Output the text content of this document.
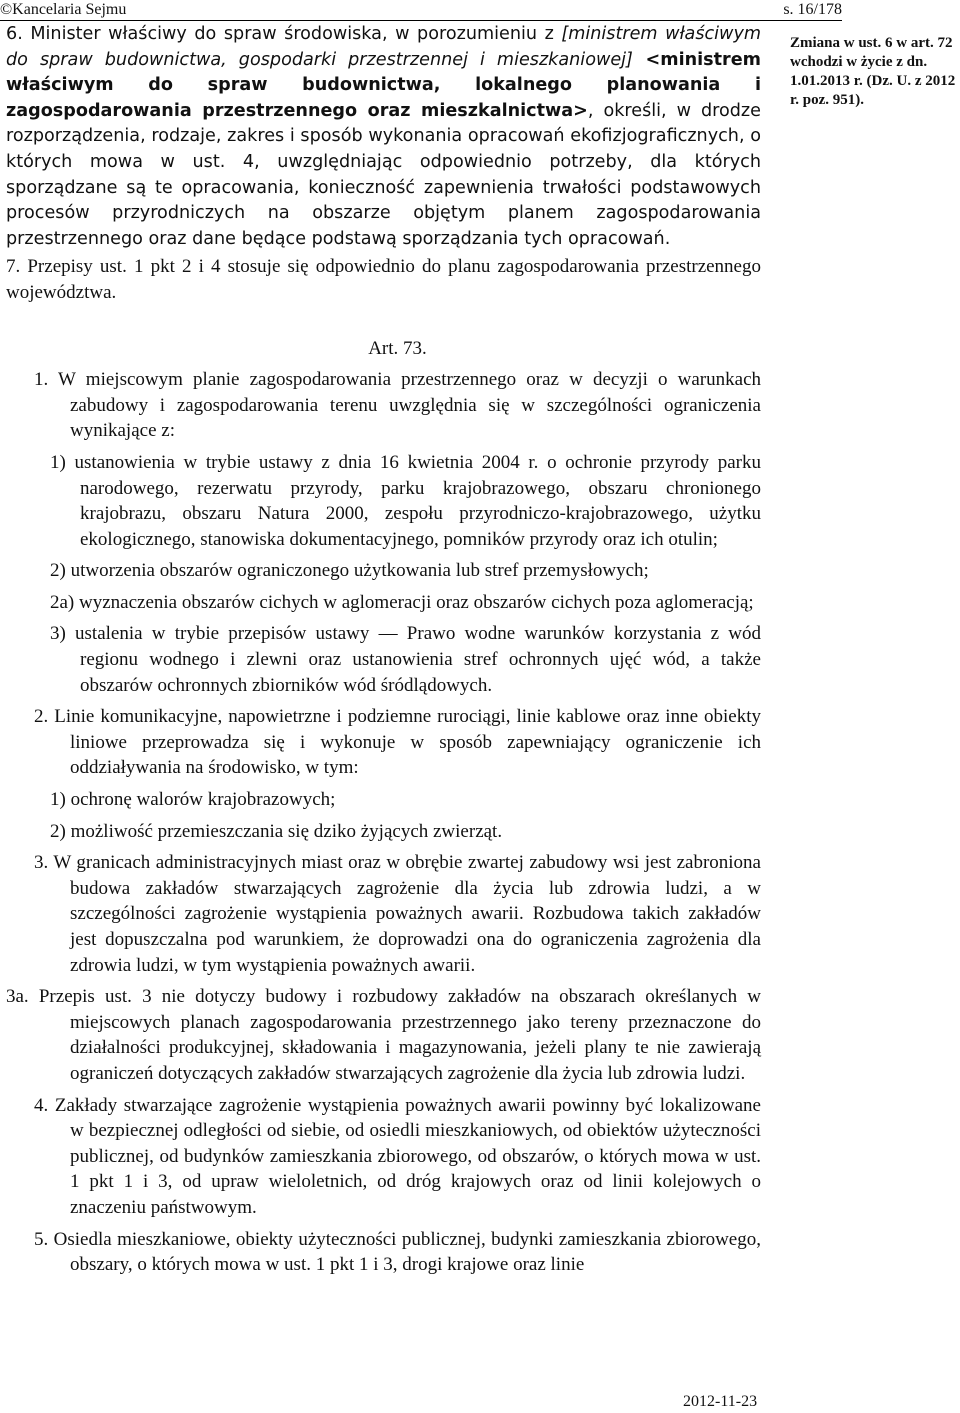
©Kancelaria Sejmu	s. 16/178
Zmiana w ust. 6 w art. 72 wchodzi w życie z dn. 1.01.2013 r. (Dz. U. z 2012 r. poz. 951).
6. Minister właściwy do spraw środowiska, w porozumieniu z [ministrem właściwym do spraw budownictwa, gospodarki przestrzennej i mieszkaniowej] <ministrem właściwym do spraw budownictwa, lokalnego planowania i zagospodarowania przestrzennego oraz mieszkalnictwa>, określi, w drodze rozporządzenia, rodzaje, zakres i sposób wykonania opracowań ekofizjograficznych, o których mowa w ust. 4, uwzględniając odpowiednio potrzeby, dla których sporządzane są te opracowania, konieczność zapewnienia trwałości podstawowych procesów przyrodniczych na obszarze objętym planem zagospodarowania przestrzennego oraz dane będące podstawą sporządzania tych opracowań.
7. Przepisy ust. 1 pkt 2 i 4 stosuje się odpowiednio do planu zagospodarowania przestrzennego województwa.
Art. 73.
1. W miejscowym planie zagospodarowania przestrzennego oraz w decyzji o warunkach zabudowy i zagospodarowania terenu uwzględnia się w szczególności ograniczenia wynikające z:
1) ustanowienia w trybie ustawy z dnia 16 kwietnia 2004 r. o ochronie przyrody parku narodowego, rezerwatu przyrody, parku krajobrazowego, obszaru chronionego krajobrazu, obszaru Natura 2000, zespołu przyrodniczo-krajobrazowego, użytku ekologicznego, stanowiska dokumentacyjnego, pomników przyrody oraz ich otulin;
2) utworzenia obszarów ograniczonego użytkowania lub stref przemysłowych;
2a) wyznaczenia obszarów cichych w aglomeracji oraz obszarów cichych poza aglomeracją;
3) ustalenia w trybie przepisów ustawy — Prawo wodne warunków korzystania z wód regionu wodnego i zlewni oraz ustanowienia stref ochronnych ujęć wód, a także obszarów ochronnych zbiorników wód śródlądowych.
2. Linie komunikacyjne, napowietrzne i podziemne rurociągi, linie kablowe oraz inne obiekty liniowe przeprowadza się i wykonuje w sposób zapewniający ograniczenie ich oddziaływania na środowisko, w tym:
1) ochronę walorów krajobrazowych;
2) możliwość przemieszczania się dziko żyjących zwierząt.
3. W granicach administracyjnych miast oraz w obrębie zwartej zabudowy wsi jest zabroniona budowa zakładów stwarzających zagrożenie dla życia lub zdrowia ludzi, a w szczególności zagrożenie wystąpienia poważnych awarii. Rozbudowa takich zakładów jest dopuszczalna pod warunkiem, że doprowadzi ona do ograniczenia zagrożenia dla zdrowia ludzi, w tym wystąpienia poważnych awarii.
3a. Przepis ust. 3 nie dotyczy budowy i rozbudowy zakładów na obszarach określanych w miejscowych planach zagospodarowania przestrzennego jako tereny przeznaczone do działalności produkcyjnej, składowania i magazynowania, jeżeli plany te nie zawierają ograniczeń dotyczących zakładów stwarzających zagrożenie dla życia lub zdrowia ludzi.
4. Zakłady stwarzające zagrożenie wystąpienia poważnych awarii powinny być lokalizowane w bezpiecznej odległości od siebie, od osiedli mieszkaniowych, od obiektów użyteczności publicznej, od budynków zamieszkania zbiorowego, od obszarów, o których mowa w ust. 1 pkt 1 i 3, od upraw wieloletnich, od dróg krajowych oraz od linii kolejowych o znaczeniu państwowym.
5. Osiedla mieszkaniowe, obiekty użyteczności publicznej, budynki zamieszkania zbiorowego, obszary, o których mowa w ust. 1 pkt 1 i 3, drogi krajowe oraz linie
2012-11-23
